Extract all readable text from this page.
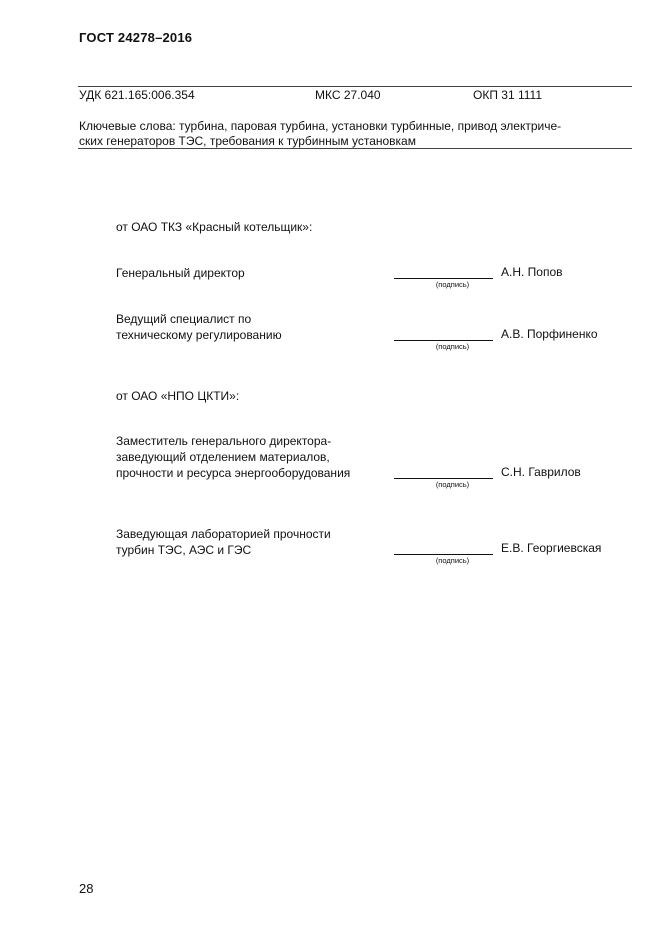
ГОСТ 24278–2016
УДК 621.165:006.354	МКС 27.040	ОКП 31 1111
Ключевые слова: турбина, паровая турбина, установки турбинные, привод электриче-
ских генераторов ТЭС, требования к турбинным установкам
от ОАО ТКЗ «Красный котельщик»:
Генеральный директор
(подпись)
А.Н. Попов
Ведущий специалист по
техническому регулированию
(подпись)
А.В. Порфиненко
от ОАО «НПО ЦКТИ»:
Заместитель генерального директора-
заведующий отделением материалов,
прочности и ресурса энергооборудования
(подпись)
С.Н. Гаврилов
Заведующая лабораторией прочности
турбин ТЭС, АЭС и ГЭС
(подпись)
Е.В. Георгиевская
28
